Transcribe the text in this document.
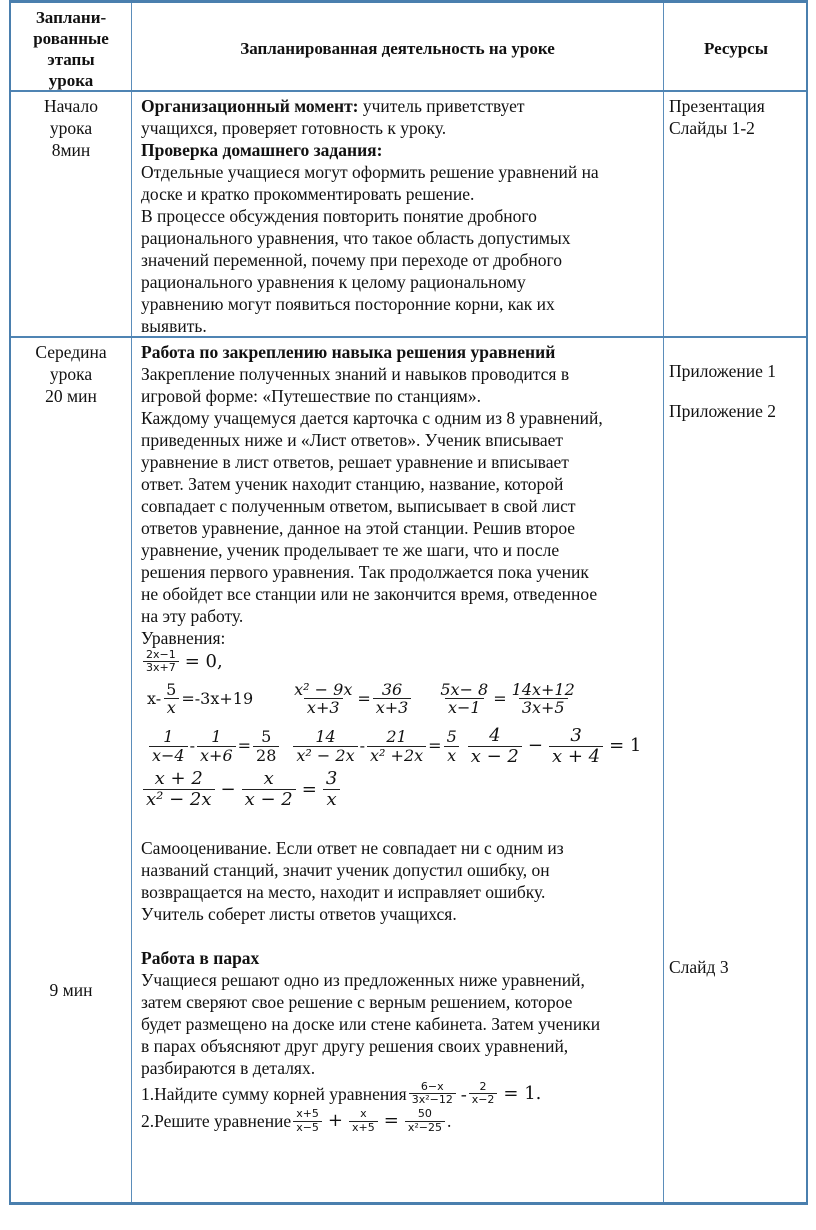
Заплани-
рованные
этапы
урока
Запланированная деятельность на уроке	Ресурсы
Начало
урока
8мин
Организационный момент: учитель приветствует
учащихся, проверяет готовность к уроку.
Проверка домашнего задания:
Отдельные учащиеся могут оформить решение уравнений на
доске и кратко прокомментировать решение.
В процессе обсуждения повторить понятие дробного
рационального уравнения, что такое область допустимых
значений переменной, почему при переходе от дробного
рационального уравнения к целому рациональному
уравнению могут появиться посторонние корни, как их
выявить.
Презентация
Слайды 1-2
Середина
урока
20 мин
9 мин
Работа по закреплению навыка решения уравнений
Закрепление полученных знаний и навыков проводится в
игровой форме: «Путешествие по станциям».
Каждому учащемуся дается карточка с одним из 8 уравнений,
приведенных ниже и «Лист ответов». Ученик вписывает
уравнение в лист ответов, решает уравнение и вписывает
ответ. Затем ученик находит станцию, название, которой
совпадает с полученным ответом, выписывает в свой лист
ответов уравнение, данное на этой станции. Решив второе
уравнение, ученик проделывает те же шаги, что и после
решения первого уравнения. Так продолжается пока ученик
не обойдет все станции или не закончится время, отведенное
на эту работу.
Уравнения:
$\frac{2x-1}{3x+7} = 0$,
$x- \frac{5}{x} =-3x+19 \frac{\text{x² − 9x}}{x+3} = \frac{36}{x+3} \frac{5x- 8}{x-1} = \frac{14x+12}{3x+5}$
$\frac{1}{x-4} - \frac{1}{x+6} = \frac{5}{28} \frac{14}{\text{x² − 2x}} - \frac{21}{\text{x² +2x}} = \frac{5}{x} \frac{4}{x - 2} - \frac{3}{x + 4} = 1$
$\frac{x + 2}{\text{x² − 2x}} - \frac{x}{x - 2} = \frac{3}{x}$
Самооценивание. Если ответ не совпадает ни с одним из
названий станций, значит ученик допустил ошибку, он
возвращается на место, находит и исправляет ошибку.
Учитель соберет листы ответов учащихся.
Работа в парах
Учащиеся решают одно из предложенных ниже уравнений,
затем сверяют свое решение с верным решением, которое
будет размещено на доске или стене кабинета. Затем ученики
в парах объясняют друг другу решения своих уравнений,
разбираются в деталях.
1.Найдите сумму корней уравнения $\frac{6-x}{\text{3x²−12}} - \frac{2}{x-2} = 1$.
2.Решите уравнение $\frac{x+5}{x-5} + \frac{x}{x+5} = \frac{50}{\text{x²−25}}$ .
Приложение 1
Приложение 2
Слайд 3
